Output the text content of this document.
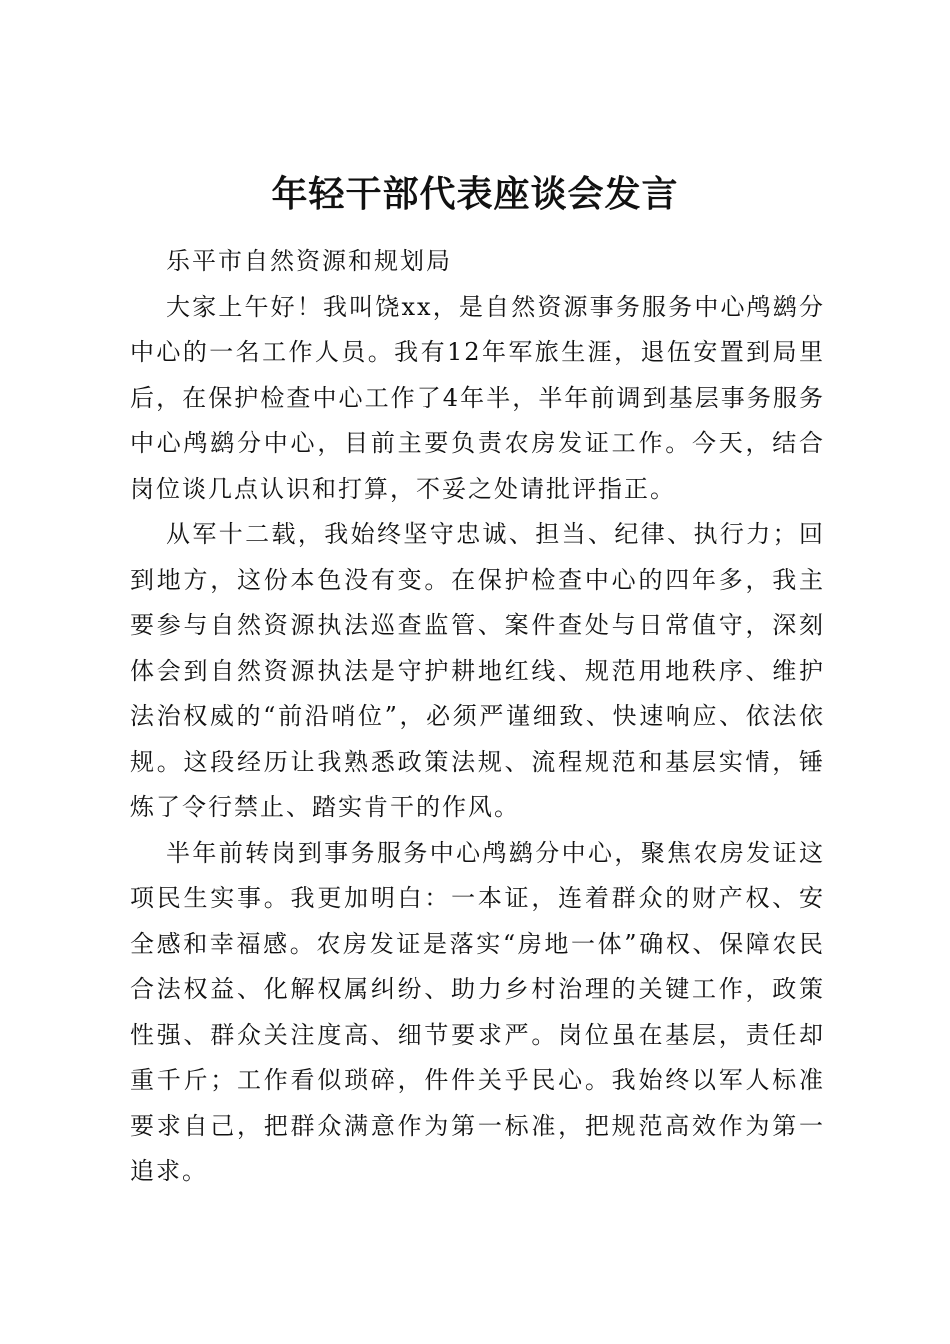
年轻干部代表座谈会发言

乐平市自然资源和规划局

大家上午好！我叫饶xx，是自然资源事务服务中心鸬鹚分中心的一名工作人员。我有12年军旅生涯，退伍安置到局里后，在保护检查中心工作了4年半，半年前调到基层事务服务中心鸬鹚分中心，目前主要负责农房发证工作。今天，结合岗位谈几点认识和打算，不妥之处请批评指正。

从军十二载，我始终坚守忠诚、担当、纪律、执行力；回到地方，这份本色没有变。在保护检查中心的四年多，我主要参与自然资源执法巡查监管、案件查处与日常值守，深刻体会到自然资源执法是守护耕地红线、规范用地秩序、维护法治权威的“前沿哨位”，必须严谨细致、快速响应、依法依规。这段经历让我熟悉政策法规、流程规范和基层实情，锤炼了令行禁止、踏实肯干的作风。

半年前转岗到事务服务中心鸬鹚分中心，聚焦农房发证这项民生实事。我更加明白：一本证，连着群众的财产权、安全感和幸福感。农房发证是落实“房地一体”确权、保障农民合法权益、化解权属纠纷、助力乡村治理的关键工作，政策性强、群众关注度高、细节要求严。岗位虽在基层，责任却重千斤；工作看似琐碎，件件关乎民心。我始终以军人标准要求自己，把群众满意作为第一标准，把规范高效作为第一追求。
